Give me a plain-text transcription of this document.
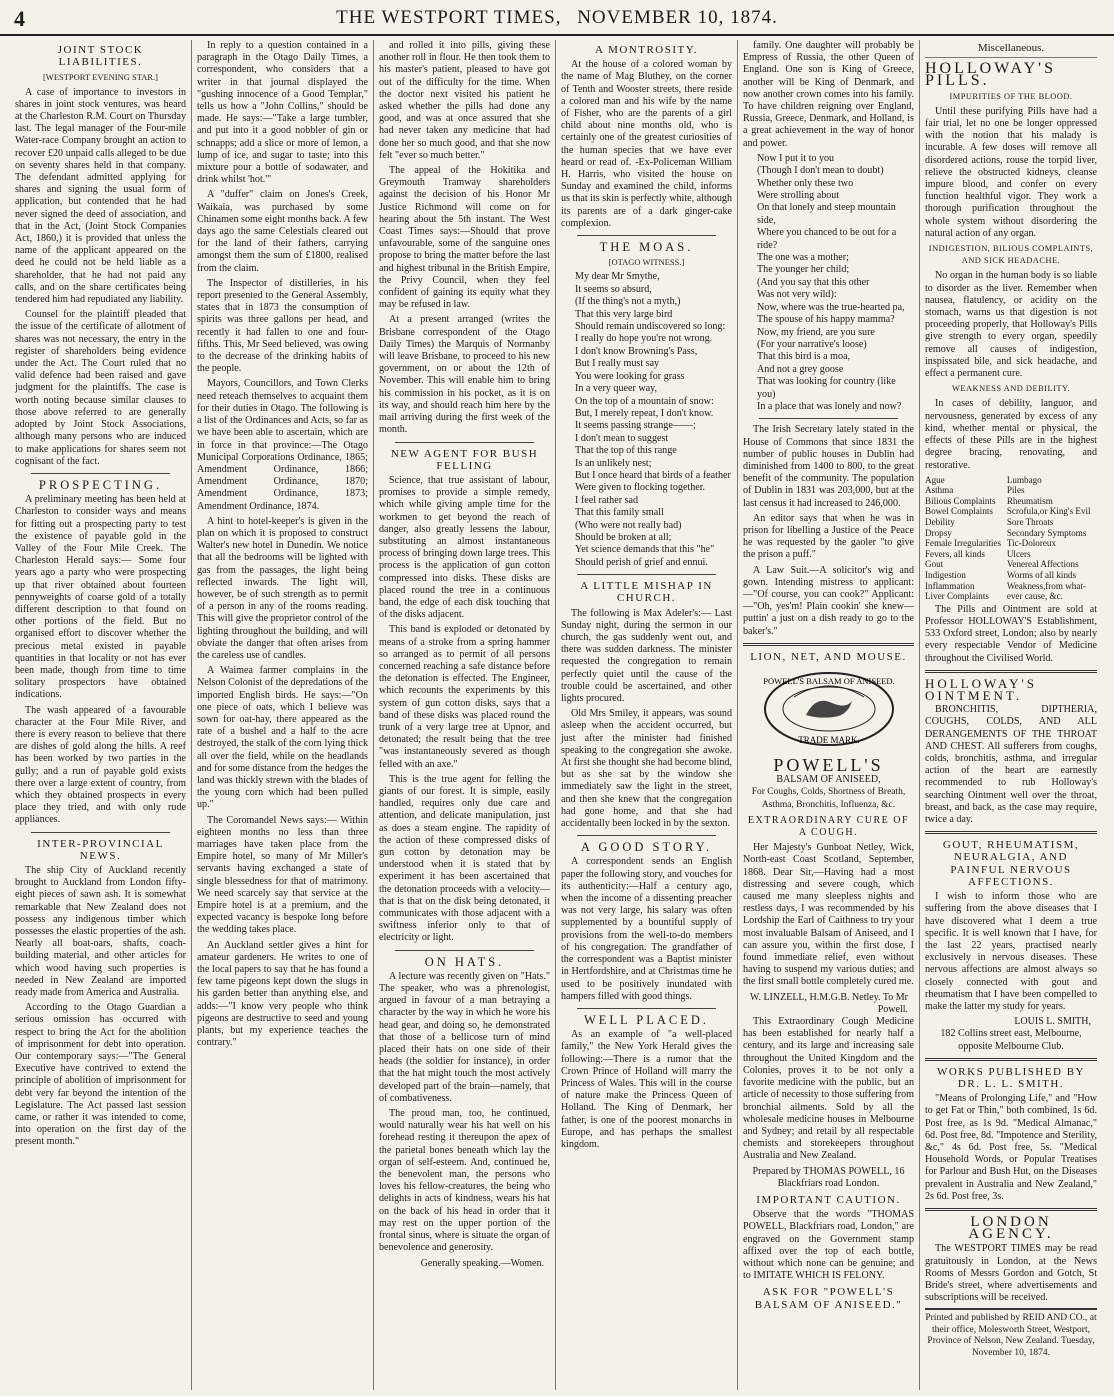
4	THE WESTPORT TIMES, NOVEMBER 10, 1874.
JOINT STOCK LIABILITIES.
[WESTPORT EVENING STAR.]

A case of importance to investors in shares in joint stock ventures, was heard at the Charleston R.M. Court on Thursday last. The legal manager of the Four-mile Water-race Company brought an action to recover £20 unpaid calls alleged to be due on seventy shares held in that company. The defendant admitted applying for shares and signing the usual form of application, but contended that he had never signed the deed of association, and that in the Act, (Joint Stock Companies Act, 1860,) it is provided that unless the name of the applicant appeared on the deed he could not be held liable as a shareholder, that he had not paid any calls, and on the share certificates being tendered him had repudiated any liability.

Counsel for the plaintiff pleaded that the issue of the certificate of allotment of shares was not necessary, the entry in the register of shareholders being evidence under the Act. The Court ruled that no valid defence had been raised and gave judgment for the plaintiffs. The case is worth noting because similar clauses to those above referred to are generally adopted by Joint Stock Associations, although many persons who are induced to make applications for shares seem not cognisant of the fact.

PROSPECTING.

A preliminary meeting has been held at Charleston to consider ways and means for fitting out a prospecting party to test the existence of payable gold in the Valley of the Four Mile Creek. The Charleston Herald says:— Some four years ago a party who were prospecting up that river obtained about fourteen pennyweights of coarse gold of a totally different description to that found on other portions of the field. But no organised effort to discover whether the precious metal existed in payable quantities in that locality or not has ever been made, though from time to time solitary prospectors have obtained indications.

The wash appeared of a favourable character at the Four Mile River, and there is every reason to believe that there are dishes of gold along the hills. A reef has been worked by two parties in the gully; and a run of payable gold exists there over a large extent of country, from which they obtained prospects in every place they tried, and with only rude appliances.

INTER-PROVINCIAL NEWS.

The ship City of Auckland recently brought to Auckland from London fifty-eight pieces of sawn ash. It is somewhat remarkable that New Zealand does not possess any indigenous timber which possesses the elastic properties of the ash. Nearly all boat-oars, shafts, coach-building material, and other articles for which wood having such properties is needed in New Zealand are imported ready made from America and Australia.

According to the Otago Guardian a serious omission has occurred with respect to bring the Act for the abolition of imprisonment for debt into operation. Our contemporary says:—"The General Executive have contrived to extend the principle of abolition of imprisonment for debt very far beyond the intention of the Legislature. The Act passed last session came, or rather it was intended to come, into operation on the first day of the present month."

In reply to a question contained in a paragraph in the Otago Daily Times, a correspondent, who considers that a writer in that journal displayed the "gushing innocence of a Good Templar," tells us how a "John Collins," should be made. He says:—"Take a large tumbler, and put into it a good nobbler of gin or schnapps; add a slice or more of lemon, a lump of ice, and sugar to taste; into this mixture pour a bottle of sodawater, and drink whilst 'hot.'"

A "duffer" claim on Jones's Creek, Waikaia, was purchased by some Chinamen some eight months back. A few days ago the same Celestials cleared out for the land of their fathers, carrying amongst them the sum of £1800, realised from the claim.

The Inspector of distilleries, in his report presented to the General Assembly, states that in 1873 the consumption of spirits was three gallons per head, and recently it had fallen to one and four-fifths. This, Mr Seed believed, was owing to the decrease of the drinking habits of the people.

Mayors, Councillors, and Town Clerks need reteach themselves to acquaint them for their duties in Otago. The following is a list of the Ordinances and Acts, so far as we have been able to ascertain, which are in force in that province:—The Otago Municipal Corporations Ordinance, 1865; Amendment Ordinance, 1866; Amendment Ordinance, 1870; Amendment Ordinance, 1873; Amendment Ordinance, 1874.

A hint to hotel-keeper's is given in the plan on which it is proposed to construct Walter's new hotel in Dunedin. We notice that all the bedrooms will be lighted with gas from the passages, the light being reflected inwards. The light will, however, be of such strength as to permit of a person in any of the rooms reading. This will give the proprietor control of the lighting throughout the building, and will obviate the danger that often arises from the careless use of candles.

A Waimea farmer complains in the Nelson Colonist of the depredations of the imported English birds. He says:—"On one piece of oats, which I believe was sown for oat-hay, there appeared as the rate of a bushel and a half to the acre destroyed, the stalk of the corn lying thick all over the field, while on the headlands and for some distance from the hedges the land was thickly strewn with the blades of the young corn which had been pulled up."

The Coromandel News says:— Within eighteen months no less than three marriages have taken place from the Empire hotel, so many of Mr Miller's servants having exchanged a state of single blessedness for that of matrimony. We need scarcely say that service at the Empire hotel is at a premium, and the expected vacancy is bespoke long before the wedding takes place.

An Auckland settler gives a hint for amateur gardeners. He writes to one of the local papers to say that he has found a few tame pigeons kept down the slugs in his garden better than anything else, and adds:—"I know very people who think pigeons are destructive to seed and young plants, but my experience teaches the contrary."

and rolled it into pills, giving these another roll in flour. He then took them to his master's patient, pleased to have got out of the difficulty for the time. When the doctor next visited his patient he asked whether the pills had done any good, and was at once assured that she had never taken any medicine that had done her so much good, and that she now felt "ever so much better."

The appeal of the Hokitika and Greymouth Tramway shareholders against the decision of his Honor Mr Justice Richmond will come on for hearing about the 5th instant. The West Coast Times says:—Should that prove unfavourable, some of the sanguine ones propose to bring the matter before the last and highest tribunal in the British Empire, the Privy Council, when they feel confident of gaining its equity what they may be refused in law.

At a present arranged (writes the Brisbane correspondent of the Otago Daily Times) the Marquis of Normanby will leave Brisbane, to proceed to his new government, on or about the 12th of November. This will enable him to bring his commission in his pocket, as it is on its way, and should reach him here by the mail arriving during the first week of the month.

NEW AGENT FOR BUSH FELLING

Science, that true assistant of labour, promises to provide a simple remedy, which while giving ample time for the workmen to get beyond the reach of danger, also greatly lessens the labour, substituting an almost instantaneous process of bringing down large trees. This process is the application of gun cotton compressed into disks. These disks are placed round the tree in a continuous band, the edge of each disk touching that of the disks adjacent.

This band is exploded or detonated by means of a stroke from a spring hammer so arranged as to permit of all persons concerned reaching a safe distance before the detonation is effected. The Engineer, which recounts the experiments by this system of gun cotton disks, says that a band of these disks was placed round the trunk of a very large tree at Upnor, and detonated; the result being that the tree "was instantaneously severed as though felled with an axe."

This is the true agent for felling the giants of our forest. It is simple, easily handled, requires only due care and attention, and delicate manipulation, just as does a steam engine. The rapidity of the action of these compressed disks of gun cotton by detonation may be understood when it is stated that by experiment it has been ascertained that the detonation proceeds with a velocity—that is that on the disk being detonated, it communicates with those adjacent with a swiftness inferior only to that of electricity or light.

ON HATS.

A lecture was recently given on "Hats." The speaker, who was a phrenologist, argued in favour of a man betraying a character by the way in which he wore his head gear, and doing so, he demonstrated that those of a bellicose turn of mind placed their hats on one side of their heads (the soldier for instance), in order that the hat might touch the most actively developed part of the brain—namely, that of combativeness.

The proud man, too, he continued, would naturally wear his hat well on his forehead resting it thereupon the apex of the parietal bones beneath which lay the organ of self-esteem. And, continued he, the benevolent man, the persons who loves his fellow-creatures, the being who delights in acts of kindness, wears his hat on the back of his head in order that it may rest on the upper portion of the frontal sinus, where is situate the organ of benevolence and generosity.

Generally speaking.—Women.
A MONTROSITY.

At the house of a colored woman by the name of Mag Bluthey, on the corner of Tenth and Wooster streets, there reside a colored man and his wife by the name of Fisher, who are the parents of a girl child about nine months old, who is certainly one of the greatest curiosities of the human species that we have ever heard or read of. -Ex-Policeman William H. Harris, who visited the house on Sunday and examined the child, informs us that its skin is perfectly white, although its parents are of a dark ginger-cake complexion.

THE MOAS.
[OTAGO WITNESS.]
My dear Mr Smythe,
It seems so absurd,
(If the thing's not a myth,)
That this very large bird
Should remain undiscovered so long:
I really do hope you're not wrong.
I don't know Browning's Pass,
But I really must say
You were looking for grass
In a very queer way,
On the top of a mountain of snow:
But, I merely repeat, I don't know.
It seems passing strange——;
I don't mean to suggest
That the top of this range
Is an unlikely nest;
But I once heard that birds of a feather
Were given to flocking together.
I feel rather sad
That this family small
(Who were not really bad)
Should be broken at all;
Yet science demands that this "he"
Should perish of grief and ennui.
A LITTLE MISHAP IN CHURCH.

The following is Max Adeler's:— Last Sunday night, during the sermon in our church, the gas suddenly went out, and there was sudden darkness. The minister requested the congregation to remain perfectly quiet until the cause of the trouble could be ascertained, and other lights procured.

Old Mrs Smiley, it appears, was sound asleep when the accident occurred, but just after the minister had finished speaking to the congregation she awoke. At first she thought she had become blind, but as she sat by the window she immediately saw the light in the street, and then she knew that the congregation had gone home, and that she had accidentally been locked in by the sexton.

A GOOD STORY.

A correspondent sends an English paper the following story, and vouches for its authenticity:—Half a century ago, when the income of a dissenting preacher was not very large, his salary was often supplemented by a bountiful supply of provisions from the well-to-do members of his congregation. The grandfather of the correspondent was a Baptist minister in Hertfordshire, and at Christmas time he used to be positively inundated with hampers filled with good things.

WELL PLACED.

As an example of "a well-placed family," the New York Herald gives the following:—There is a rumor that the Crown Prince of Holland will marry the Princess of Wales. This will in the course of nature make the Princess Queen of Holland. The King of Denmark, her father, is one of the poorest monarchs in Europe, and has perhaps the smallest kingdom.

family. One daughter will probably be Empress of Russia, the other Queen of England. One son is King of Greece, another will be King of Denmark, and now another crown comes into his family. To have children reigning over England, Russia, Greece, Denmark, and Holland, is a great achievement in the way of honor and power.

Now I put it to you
(Though I don't mean to doubt)
Whether only these two
Were strolling about
On that lonely and steep mountain side,
Where you chanced to be out for a ride?
The one was a mother;
The younger her child;
(And you say that this other
Was not very wild):
Now, where was the true-hearted pa,
The spouse of his happy mamma?
Now, my friend, are you sure
(For your narrative's loose)
That this bird is a moa,
And not a grey goose
That was looking for country (like you)
In a place that was lonely and now?

The Irish Secretary lately stated in the House of Commons that since 1831 the number of public houses in Dublin had diminished from 1400 to 800, to the great benefit of the community. The population of Dublin in 1831 was 203,000, but at the last census it had increased to 246,000.

An editor says that when he was in prison for libelling a Justice of the Peace he was requested by the gaoler "to give the prison a puff."

A Law Suit.—A solicitor's wig and gown. Intending mistress to applicant:—"Of course, you can cook?" Applicant:—"Oh, yes'm! Plain cookin' she knew—puttin' a just on a dish ready to go to the baker's."

LION, NET, AND MOUSE.
POWELL'S BALSAM OF ANISEED.
TRADE MARK.
POWELL'S
BALSAM OF ANISEED,
For Coughs, Colds, Shortness of Breath, Asthma, Bronchitis, Influenza, &c.
EXTRAORDINARY CURE OF A COUGH.

Her Majesty's Gunboat Netley, Wick, North-east Coast Scotland, September, 1868. Dear Sir,—Having had a most distressing and severe cough, which caused me many sleepless nights and restless days, I was recommended by his Lordship the Earl of Caithness to try your most invaluable Balsam of Aniseed, and I can assure you, within the first dose, I found immediate relief, even without having to suspend my various duties; and the first small bottle completely cured me.

W. LINZELL, H.M.G.B. Netley. To Mr Powell.

This Extraordinary Cough Medicine has been established for nearly half a century, and its large and increasing sale throughout the United Kingdom and the Colonies, proves it to be not only a favorite medicine with the public, but an article of necessity to those suffering from bronchial ailments. Sold by all the wholesale medicine houses in Melbourne and Sydney; and retail by all respectable chemists and storekeepers throughout Australia and New Zealand.

Prepared by THOMAS POWELL, 16 Blackfriars road London.
IMPORTANT CAUTION.

Observe that the words "THOMAS POWELL, Blackfriars road, London," are engraved on the Government stamp affixed over the top of each bottle, without which none can be genuine; and to IMITATE WHICH IS FELONY.

ASK FOR "POWELL'S BALSAM OF ANISEED."
Miscellaneous.
HOLLOWAY'S PILLS.
IMPURITIES OF THE BLOOD.

Until these purifying Pills have had a fair trial, let no one be longer oppressed with the notion that his malady is incurable. A few doses will remove all disordered actions, rouse the torpid liver, relieve the obstructed kidneys, cleanse impure blood, and confer on every function healthful vigor. They work a thorough purification throughout the whole system without disordering the natural action of any organ.

INDIGESTION, BILIOUS COMPLAINTS, AND SICK HEADACHE.

No organ in the human body is so liable to disorder as the liver. Remember when nausea, flatulency, or acidity on the stomach, warns us that digestion is not proceeding properly, that Holloway's Pills give strength to every organ, speedily remove all causes of indigestion, inspissated bile, and sick headache, and effect a permanent cure.

WEAKNESS AND DEBILITY.

In cases of debility, languor, and nervousness, generated by excess of any kind, whether mental or physical, the effects of these Pills are in the highest degree bracing, renovating, and restorative.

Ague	Lumbago
Asthma	Piles
Bilious Complaints	Rheumatism
Bowel Complaints	Scrofula,or King's Evil
Debility	Sore Throats
Dropsy	Secondary Symptoms
Female Irregularities	Tic-Doloreux
Fevers, all kinds	Ulcers
Gout	Venereal Affections
Indigestion	Worms of all kinds
Inflammation	Weakness,from what-
Liver Complaints	ever cause, &c.

The Pills and Ointment are sold at Professor HOLLOWAY'S Establishment, 533 Oxford street, London; also by nearly every respectable Vendor of Medicine throughout the Civilised World.

HOLLOWAY'S OINTMENT.

BRONCHITIS, DIPTHERIA, COUGHS, COLDS, AND ALL DERANGEMENTS OF THE THROAT AND CHEST. All sufferers from coughs, colds, bronchitis, asthma, and irregular action of the heart are earnestly recommended to rub Holloway's searching Ointment well over the throat, breast, and back, as the case may require, twice a day.

GOUT, RHEUMATISM, NEURALGIA, AND PAINFUL NERVOUS AFFECTIONS.

I wish to inform those who are suffering from the above diseases that I have discovered what I deem a true specific. It is well known that I have, for the last 22 years, practised nearly exclusively in nervous diseases. These nervous affections are almost always so closely connected with gout and rheumatism that I have been compelled to make the latter my study for years.

LOUIS L. SMITH,
182 Collins street east, Melbourne, opposite Melbourne Club.
WORKS PUBLISHED BY DR. L. L. SMITH.

"Means of Prolonging Life," and "How to get Fat or Thin," both combined, 1s 6d. Post free, as 1s 9d. "Medical Almanac," 6d. Post free, 8d. "Impotence and Sterility, &c," 4s 6d. Post free, 5s. "Medical Household Words, or Popular Treatises for Parlour and Bush Hut, on the Diseases prevalent in Australia and New Zealand," 2s 6d. Post free, 3s.

LONDON AGENCY.

The WESTPORT TIMES may be read gratuitously in London, at the News Rooms of Messrs Gordon and Gotch, St Bride's street, where advertisements and subscriptions will be received.

Printed and published by REID AND CO., at their office, Molesworth Street, Westport, Province of Nelson, New Zealand. Tuesday, November 10, 1874.
